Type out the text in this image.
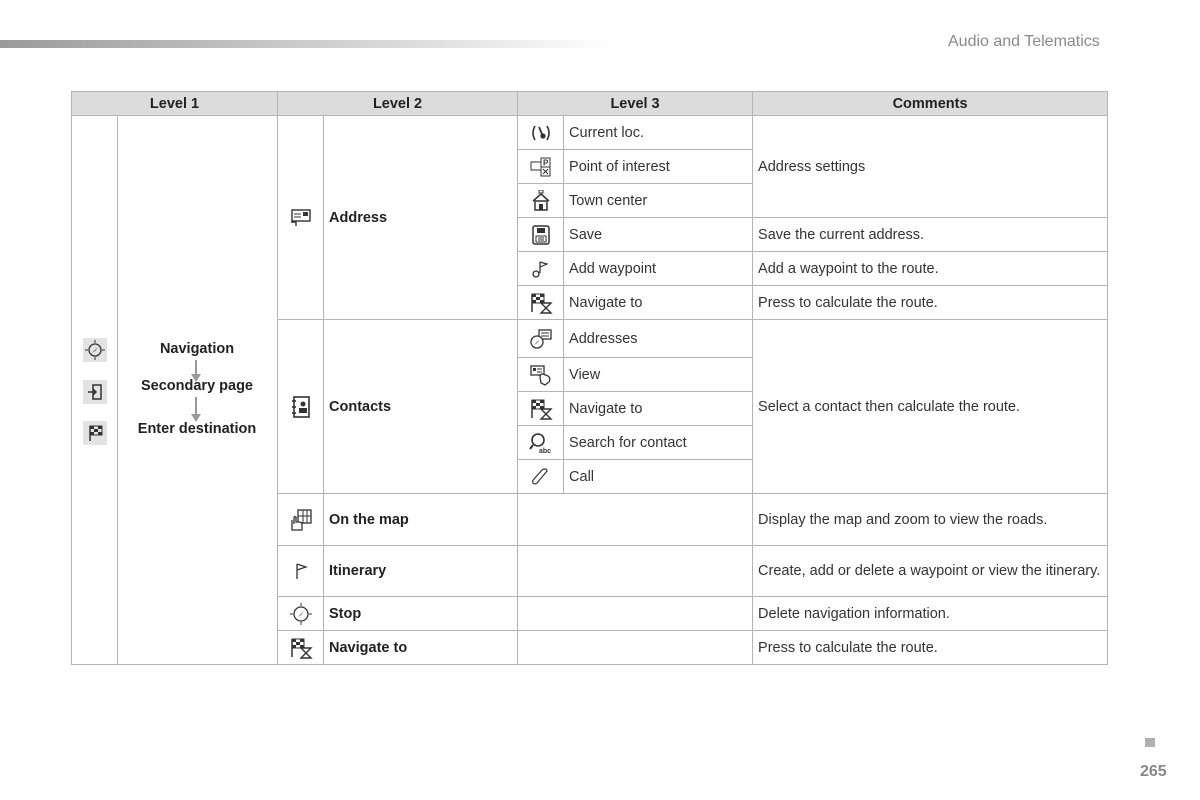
Audio and Telematics
Level 1		Level 2		Level 3		Comments

Navigation
Secondary page
Enter destination		Address		Current loc.	Address settings

P	Point of interest	
	Town center	
	Save	Save the current address.
	Add waypoint	Add a waypoint to the route.
	Navigate to	Press to calculate the route.
	Contacts		Addresses	Select a contact then calculate the route.
	View	
	Navigate to	

abc	Search for contact	
	Call	
	On the map			Display the map and zoom to view the roads.
	Itinerary			Create, add or delete a waypoint or view the itinerary.
	Stop			Delete navigation information.
	Navigate to			Press to calculate the route.
265
